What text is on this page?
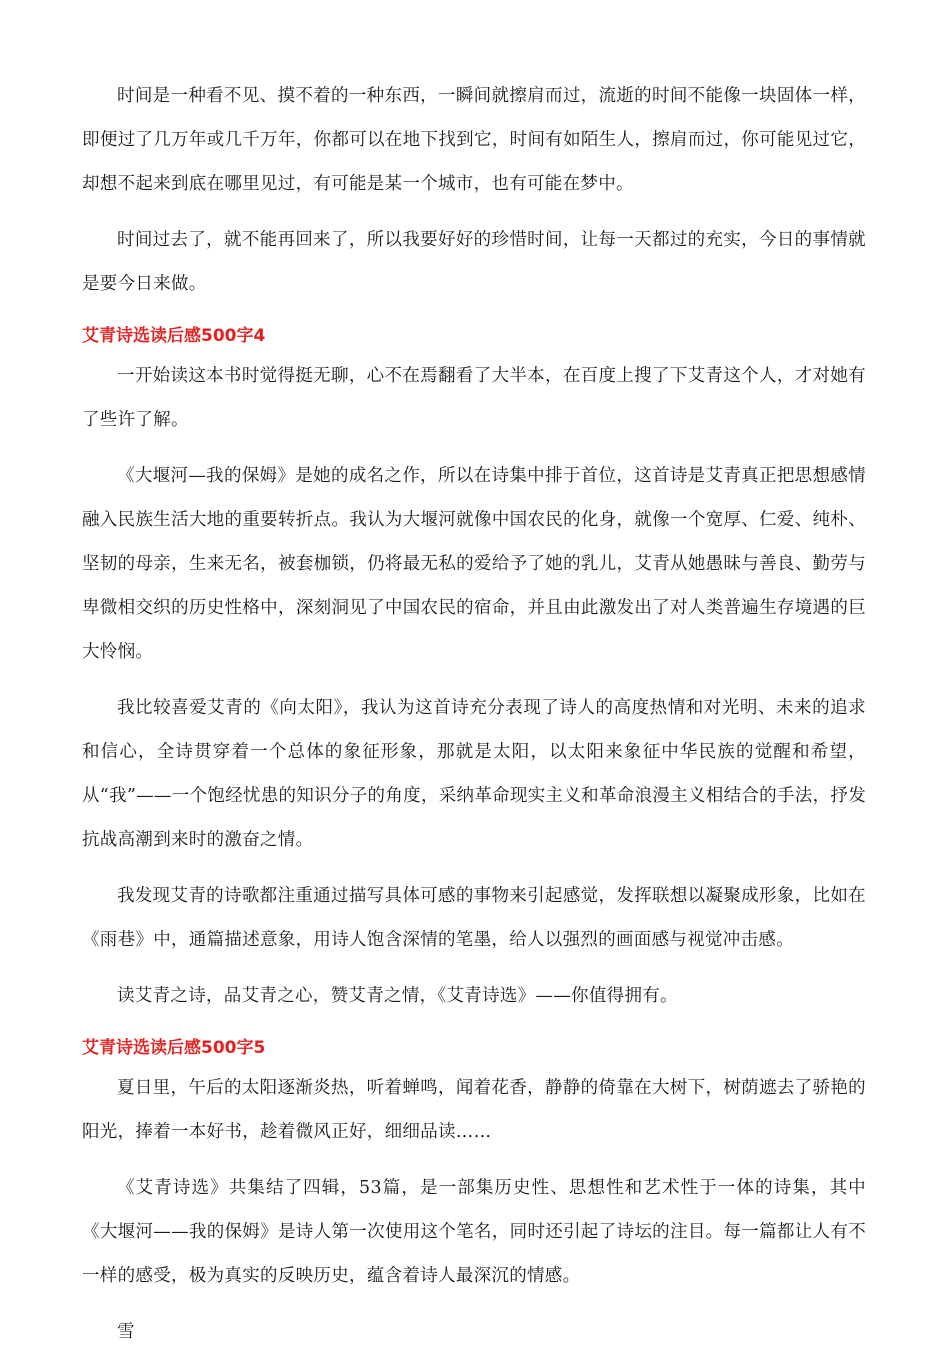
时间是一种看不见、摸不着的一种东西，一瞬间就擦肩而过，流逝的时间不能像一块固体一样，即便过了几万年或几千万年，你都可以在地下找到它，时间有如陌生人，擦肩而过，你可能见过它，却想不起来到底在哪里见过，有可能是某一个城市，也有可能在梦中。

时间过去了，就不能再回来了，所以我要好好的珍惜时间，让每一天都过的充实，今日的事情就是要今日来做。

艾青诗选读后感500字4

一开始读这本书时觉得挺无聊，心不在焉翻看了大半本，在百度上搜了下艾青这个人，才对她有了些许了解。

《大堰河—我的保姆》是她的成名之作，所以在诗集中排于首位，这首诗是艾青真正把思想感情融入民族生活大地的重要转折点。我认为大堰河就像中国农民的化身，就像一个宽厚、仁爱、纯朴、坚韧的母亲，生来无名，被套枷锁，仍将最无私的爱给予了她的乳儿，艾青从她愚昧与善良、勤劳与卑微相交织的历史性格中，深刻洞见了中国农民的宿命，并且由此激发出了对人类普遍生存境遇的巨大怜悯。

我比较喜爱艾青的《向太阳》，我认为这首诗充分表现了诗人的高度热情和对光明、未来的追求和信心，全诗贯穿着一个总体的象征形象，那就是太阳，以太阳来象征中华民族的觉醒和希望，从“我”——一个饱经忧患的知识分子的角度，采纳革命现实主义和革命浪漫主义相结合的手法，抒发抗战高潮到来时的激奋之情。

我发现艾青的诗歌都注重通过描写具体可感的事物来引起感觉，发挥联想以凝聚成形象，比如在《雨巷》中，通篇描述意象，用诗人饱含深情的笔墨，给人以强烈的画面感与视觉冲击感。

读艾青之诗，品艾青之心，赞艾青之情，《艾青诗选》——你值得拥有。

艾青诗选读后感500字5

夏日里，午后的太阳逐渐炎热，听着蝉鸣，闻着花香，静静的倚靠在大树下，树荫遮去了骄艳的阳光，捧着一本好书，趁着微风正好，细细品读……

《艾青诗选》共集结了四辑，53篇，是一部集历史性、思想性和艺术性于一体的诗集，其中《大堰河——我的保姆》是诗人第一次使用这个笔名，同时还引起了诗坛的注目。每一篇都让人有不一样的感受，极为真实的反映历史，蕴含着诗人最深沉的情感。

雪
